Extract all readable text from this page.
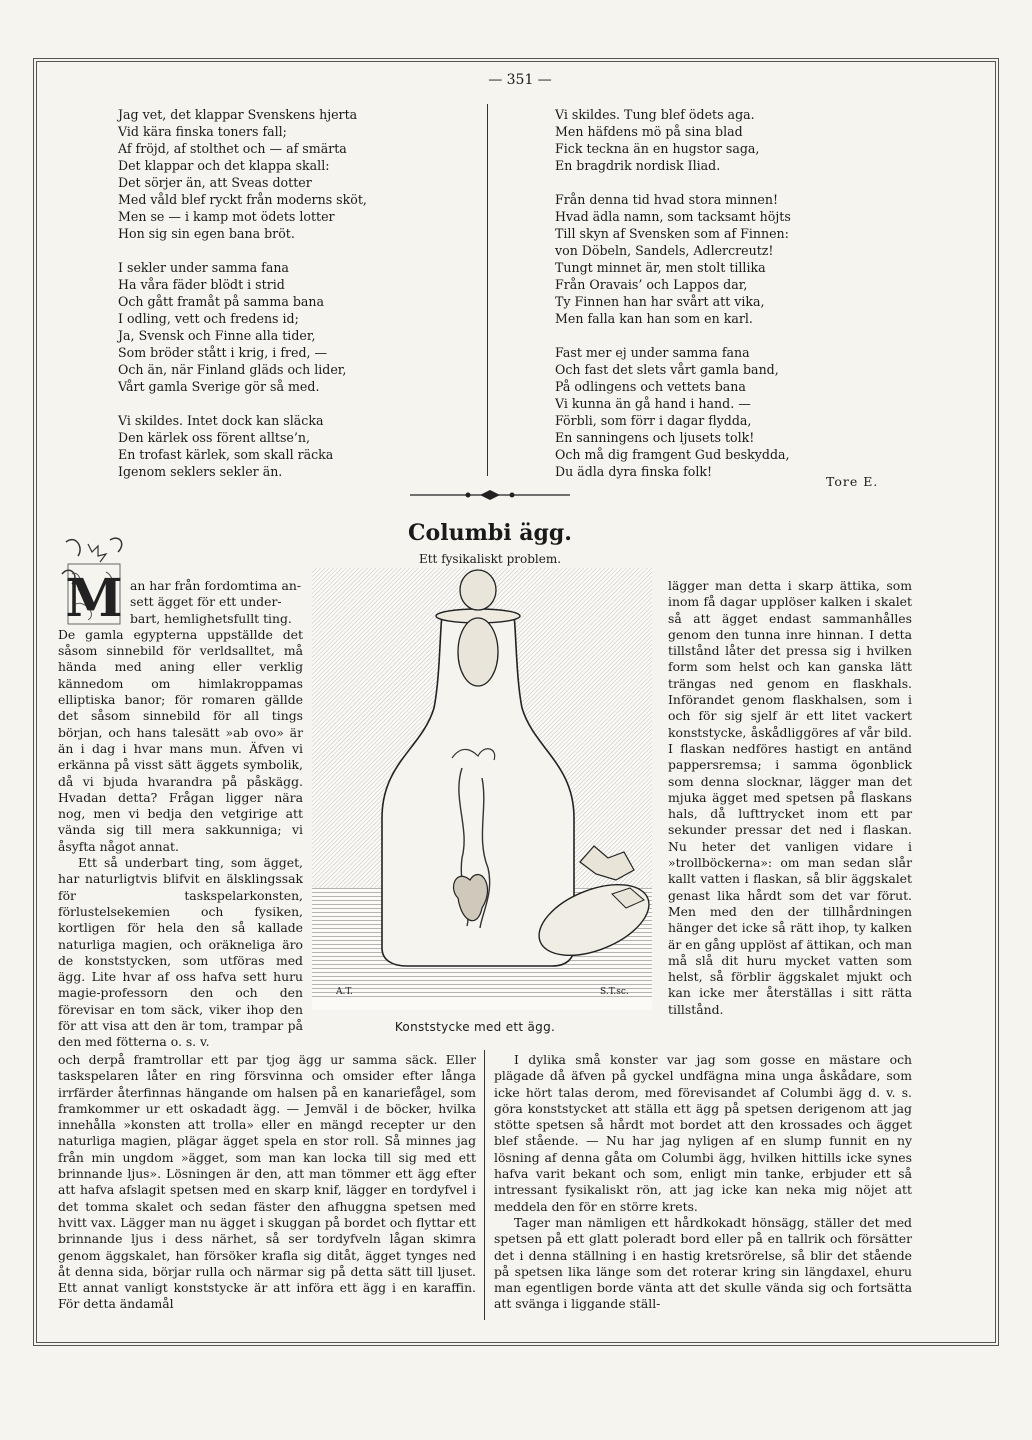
— 351 —

Jag vet, det klappar Svenskens hjerta

Vid kära finska toners fall;

Af fröjd, af stolthet och — af smärta

Det klappar och det klappa skall:

Det sörjer än, att Sveas dotter

Med våld blef ryckt från moderns sköt,

Men se — i kamp mot ödets lotter

Hon sig sin egen bana bröt.

I sekler under samma fana

Ha våra fäder blödt i strid

Och gått framåt på samma bana

I odling, vett och fredens id;

Ja, Svensk och Finne alla tider,

Som bröder stått i krig, i fred, —

Och än, när Finland gläds och lider,

Vårt gamla Sverige gör så med.

Vi skildes. Intet dock kan släcka

Den kärlek oss förent alltse’n,

En trofast kärlek, som skall räcka

Igenom seklers sekler än.

Vi skildes. Tung blef ödets aga.

Men häfdens mö på sina blad

Fick teckna än en hugstor saga,

En bragdrik nordisk Iliad.

Från denna tid hvad stora minnen!

Hvad ädla namn, som tacksamt höjts

Till skyn af Svensken som af Finnen:

von Döbeln, Sandels, Adlercreutz!

Tungt minnet är, men stolt tillika

Från Oravais’ och Lappos dar,

Ty Finnen han har svårt att vika,

Men falla kan han som en karl.

Fast mer ej under samma fana

Och fast det slets vårt gamla band,

På odlingens och vettets bana

Vi kunna än gå hand i hand. —

Förbli, som förr i dagar flydda,

En sanningens och ljusets tolk!

Och må dig framgent Gud beskydda,

Du ädla dyra finska folk!

Tore E.
Columbi ägg.
Ett fysikaliskt problem.
M an har från fordomtima an-

sett ägget för ett under-

bart, hemlighetsfullt ting.

De gamla egypterna uppställde det såsom sinnebild för verldsalltet, må hända med aning eller verklig kännedom om himlakroppamas elliptiska banor; för romaren gällde det såsom sinnebild för all tings början, och hans talesätt »ab ovo» är än i dag i hvar mans mun. Äfven vi erkänna på visst sätt äggets symbolik, då vi bjuda hvarandra på påskägg. Hvadan detta? Frågan ligger nära nog, men vi bedja den vetgirige att vända sig till mera sakkunniga; vi åsyfta något annat.

Ett så underbart ting, som ägget, har naturligtvis blifvit en älsklingssak för taskspelarkonsten, förlustelsekemien och fysiken, kortligen för hela den så kallade naturliga magien, och oräkneliga äro de konststycken, som utföras med ägg. Lite hvar af oss hafva sett huru magie-professorn den och den förevisar en tom säck, viker ihop den för att visa att den är tom, trampar på den med fötterna o. s. v.

A.T.	S.T.sc.
Konststycke med ett ägg.

lägger man detta i skarp ättika, som inom få dagar upplöser kalken i skalet så att ägget endast sammanhålles genom den tunna inre hinnan. I detta tillstånd låter det pressa sig i hvilken form som helst och kan ganska lätt trängas ned genom en flaskhals. Införandet genom flaskhalsen, som i och för sig sjelf är ett litet vackert konststycke, åskådliggöres af vår bild. I flaskan nedföres hastigt en antänd pappersremsa; i samma ögonblick som denna slocknar, lägger man det mjuka ägget med spetsen på flaskans hals, då lufttrycket inom ett par sekunder pressar det ned i flaskan. Nu heter det vanligen vidare i »trollböckerna»: om man sedan slår kallt vatten i flaskan, så blir äggskalet genast lika hårdt som det var förut. Men med den der tillhårdningen hänger det icke så rätt ihop, ty kalken är en gång upplöst af ättikan, och man må slå dit huru mycket vatten som helst, så förblir äggskalet mjukt och kan icke mer återställas i sitt rätta tillstånd.

och derpå framtrollar ett par tjog ägg ur samma säck. Eller taskspelaren låter en ring försvinna och omsider efter långa irrfärder återfinnas hängande om halsen på en kanariefågel, som framkommer ur ett oskadadt ägg. — Jemväl i de böcker, hvilka innehålla »konsten att trolla» eller en mängd recepter ur den naturliga magien, plägar ägget spela en stor roll. Så minnes jag från min ungdom »ägget, som man kan locka till sig med ett brinnande ljus». Lösningen är den, att man tömmer ett ägg efter att hafva afslagit spetsen med en skarp knif, lägger en tordyfvel i det tomma skalet och sedan fäster den afhuggna spetsen med hvitt vax. Lägger man nu ägget i skuggan på bordet och flyttar ett brinnande ljus i dess närhet, så ser tordyfveln lågan skimra genom äggskalet, han försöker krafla sig ditåt, ägget tynges ned åt denna sida, börjar rulla och närmar sig på detta sätt till ljuset. Ett annat vanligt konststycke är att införa ett ägg i en karaffin. För detta ändamål

I dylika små konster var jag som gosse en mästare och plägade då äfven på gyckel undfägna mina unga åskådare, som icke hört talas derom, med förevisandet af Columbi ägg d. v. s. göra konststycket att ställa ett ägg på spetsen derigenom att jag stötte spetsen så hårdt mot bordet att den krossades och ägget blef stående. — Nu har jag nyligen af en slump funnit en ny lösning af denna gåta om Columbi ägg, hvilken hittills icke synes hafva varit bekant och som, enligt min tanke, erbjuder ett så intressant fysikaliskt rön, att jag icke kan neka mig nöjet att meddela den för en större krets.

Tager man nämligen ett hårdkokadt hönsägg, ställer det med spetsen på ett glatt poleradt bord eller på en tallrik och försätter det i denna ställning i en hastig kretsrörelse, så blir det stående på spetsen lika länge som det roterar kring sin längdaxel, ehuru man egentligen borde vänta att det skulle vända sig och fortsätta att svänga i liggande ställ-
